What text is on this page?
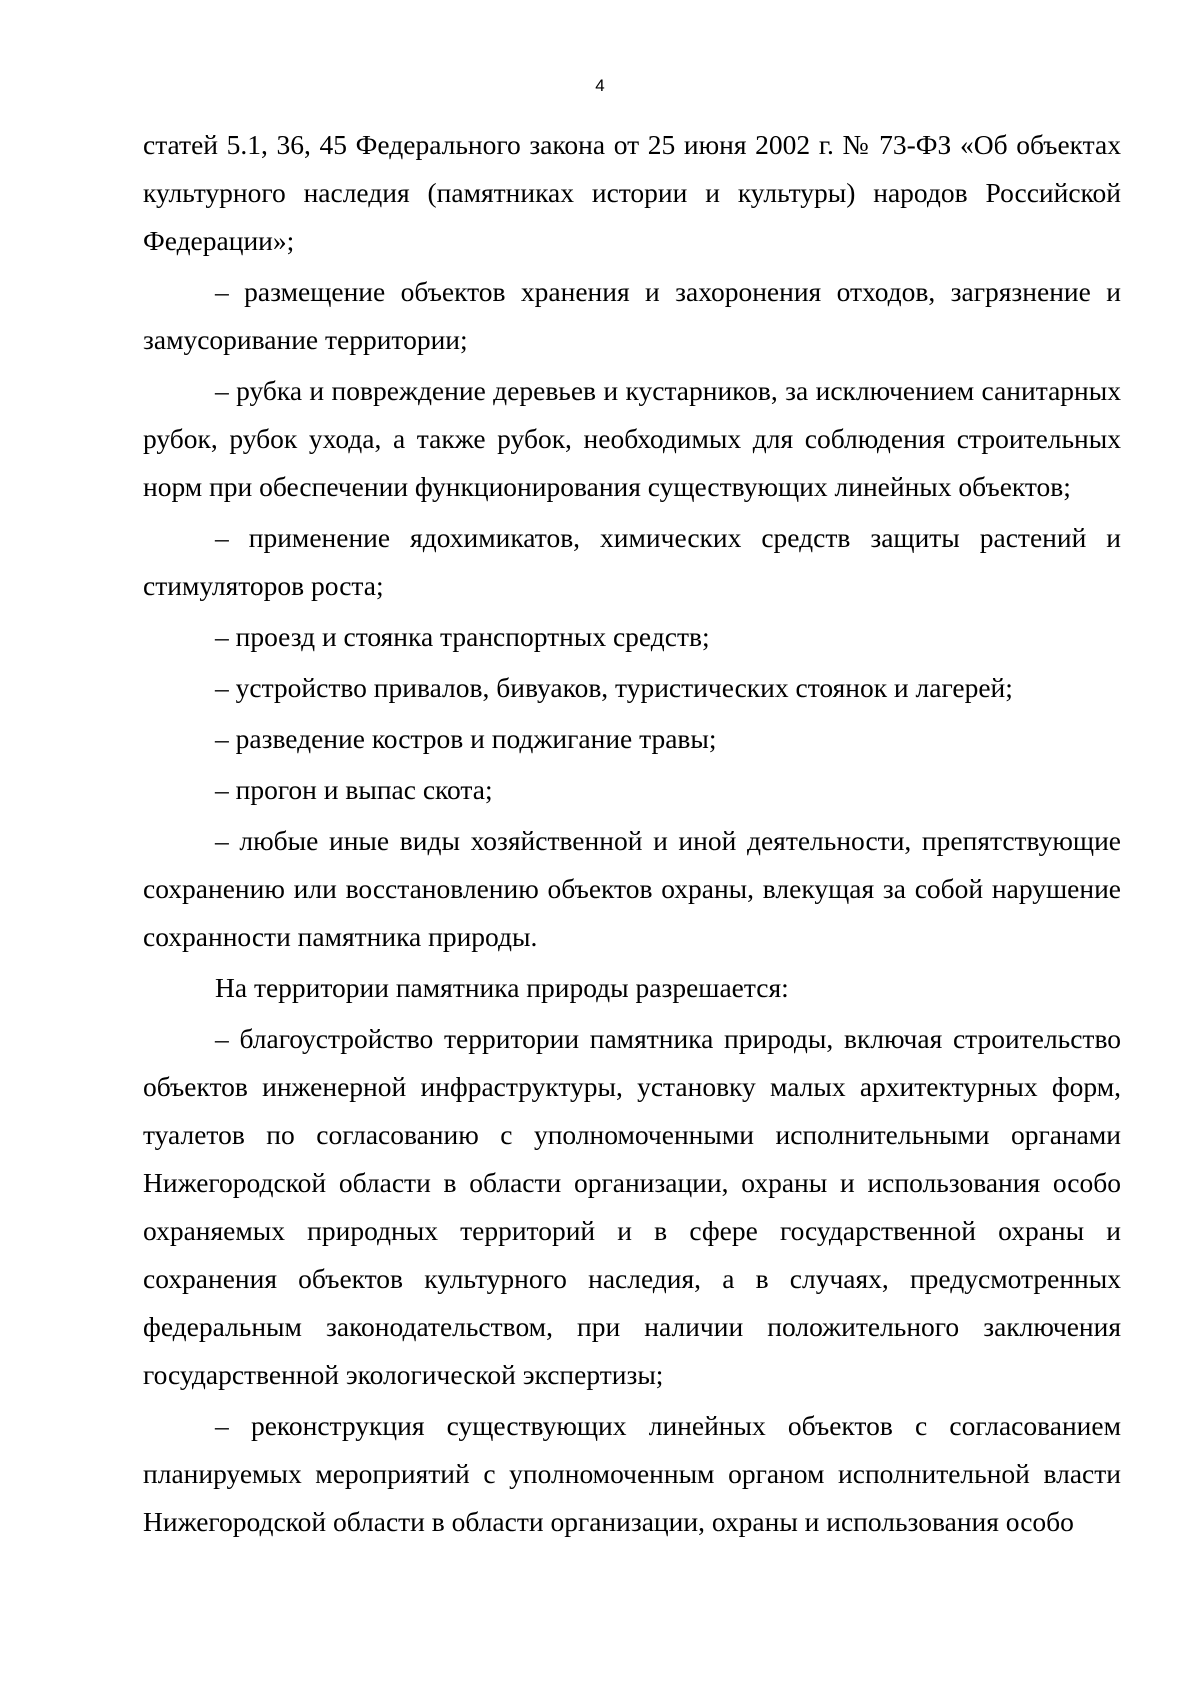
4

статей 5.1, 36, 45 Федерального закона от 25 июня 2002 г. № 73-ФЗ «Об объектах культурного наследия (памятниках истории и культуры) народов Российской Федерации»;

– размещение объектов хранения и захоронения отходов, загрязнение и замусоривание территории;

– рубка и повреждение деревьев и кустарников, за исключением санитарных рубок, рубок ухода, а также рубок, необходимых для соблюдения строительных норм при обеспечении функционирования существующих линейных объектов;

– применение ядохимикатов, химических средств защиты растений и стимуляторов роста;

– проезд и стоянка транспортных средств;

– устройство привалов, бивуаков, туристических стоянок и лагерей;

– разведение костров и поджигание травы;

– прогон и выпас скота;

– любые иные виды хозяйственной и иной деятельности, препятствующие сохранению или восстановлению объектов охраны, влекущая за собой нарушение сохранности памятника природы.

На территории памятника природы разрешается:

– благоустройство территории памятника природы, включая строительство объектов инженерной инфраструктуры, установку малых архитектурных форм, туалетов по согласованию с уполномоченными исполнительными органами Нижегородской области в области организации, охраны и использования особо охраняемых природных территорий и в сфере государственной охраны и сохранения объектов культурного наследия, а в случаях, предусмотренных федеральным законодательством, при наличии положительного заключения государственной экологической экспертизы;

– реконструкция существующих линейных объектов с согласованием планируемых мероприятий с уполномоченным органом исполнительной власти Нижегородской области в области организации, охраны и использования особо
